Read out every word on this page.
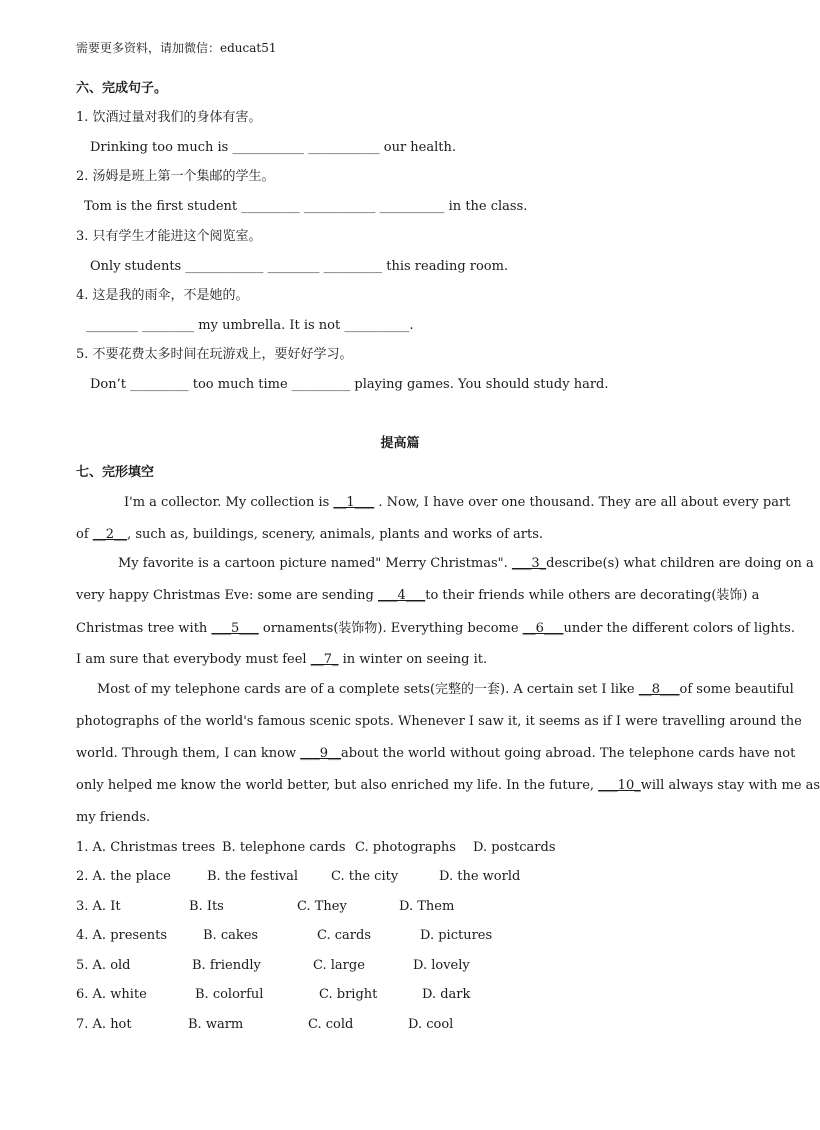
需要更多资料，请加微信：educat51
六、完成句子。
1. 饮酒过量对我们的身体有害。
Drinking too much is ___________ ___________ our health.
2. 汤姆是班上第一个集邮的学生。
Tom is the first student _________ ___________ __________ in the class.
3. 只有学生才能进这个阅览室。
Only students ____________ ________ _________ this reading room.
4. 这是我的雨伞，不是她的。
________ ________ my umbrella. It is not __________.
5. 不要花费太多时间在玩游戏上，要好好学习。
Don’t _________ too much time _________ playing games. You should study hard.
提高篇
七、完形填空
I'm a collector. My collection is __1___ . Now, I have over one thousand. They are all about every part
of __2__, such as, buildings, scenery, animals, plants and works of arts.
My favorite is a cartoon picture named" Merry Christmas". ___3_describe(s) what children are doing on a
very happy Christmas Eve: some are sending ___4___to their friends while others are decorating(装饰) a
Christmas tree with ___5___ ornaments(装饰物). Everything become __6___under the different colors of lights.
I am sure that everybody must feel __7_ in winter on seeing it.
Most of my telephone cards are of a complete sets(完整的一套). A certain set I like __8___of some beautiful
photographs of the world's famous scenic spots. Whenever I saw it, it seems as if I were travelling around the
world. Through them, I can know ___9__about the world without going abroad. The telephone cards have not
only helped me know the world better, but also enriched my life. In the future, ___10_will always stay with me as
my friends.
1. A. Christmas trees B. telephone cards C. photographs D. postcards
2. A. the place	B. the festival	C. the city	D. the world
3. A. It	B. Its	C. They	D. Them
4. A. presents	B. cakes	C. cards	D. pictures
5. A. old	B. friendly	C. large	D. lovely
6. A. white	B. colorful	C. bright	D. dark
7. A. hot	B. warm	C. cold	D. cool
